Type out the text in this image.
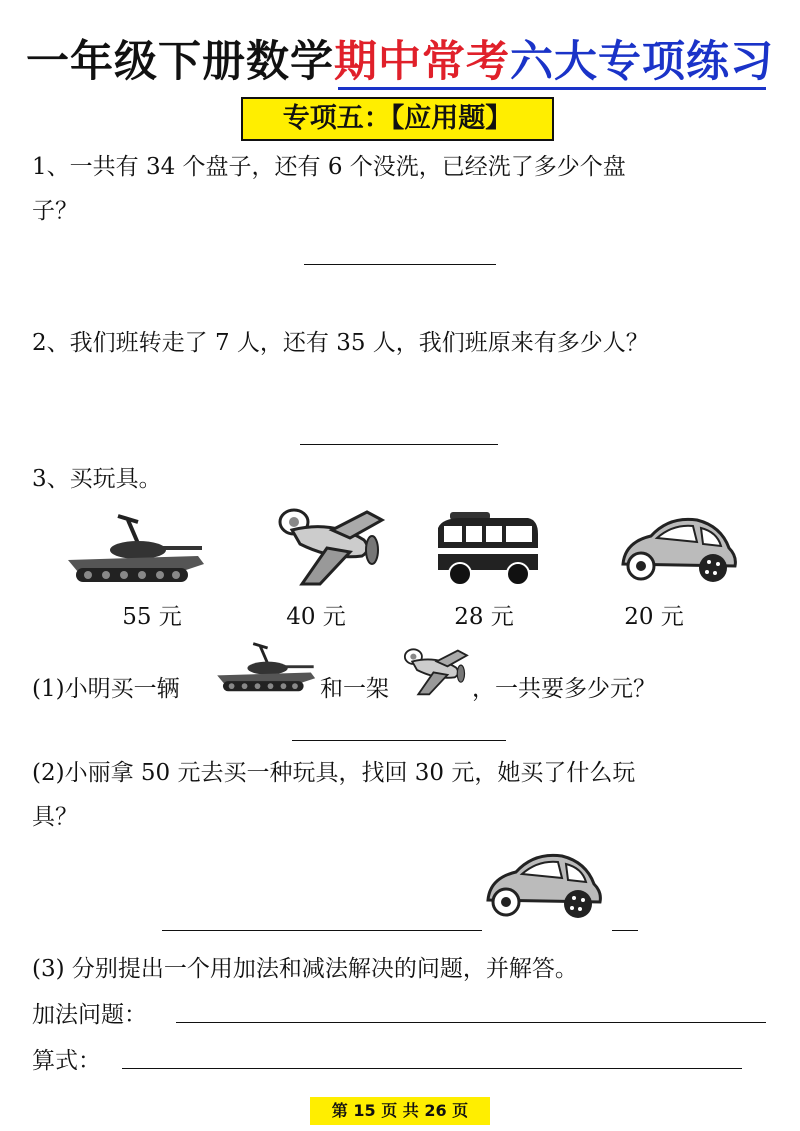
一年级下册数学期中常考六大专项练习
专项五：【应用题】
1、一共有 34 个盘子，还有 6 个没洗，已经洗了多少个盘
子？
2、我们班转走了 7 人，还有 35 人，我们班原来有多少人？
3、买玩具。
55 元	40 元	28 元	20 元
(1)小明买一辆	和一架	，一共要多少元？
(2)小丽拿 50 元去买一种玩具，找回 30 元，她买了什么玩
具？
(3) 分别提出一个用加法和减法解决的问题，并解答。
加法问题：
算式：
第 15 页 共 26 页
